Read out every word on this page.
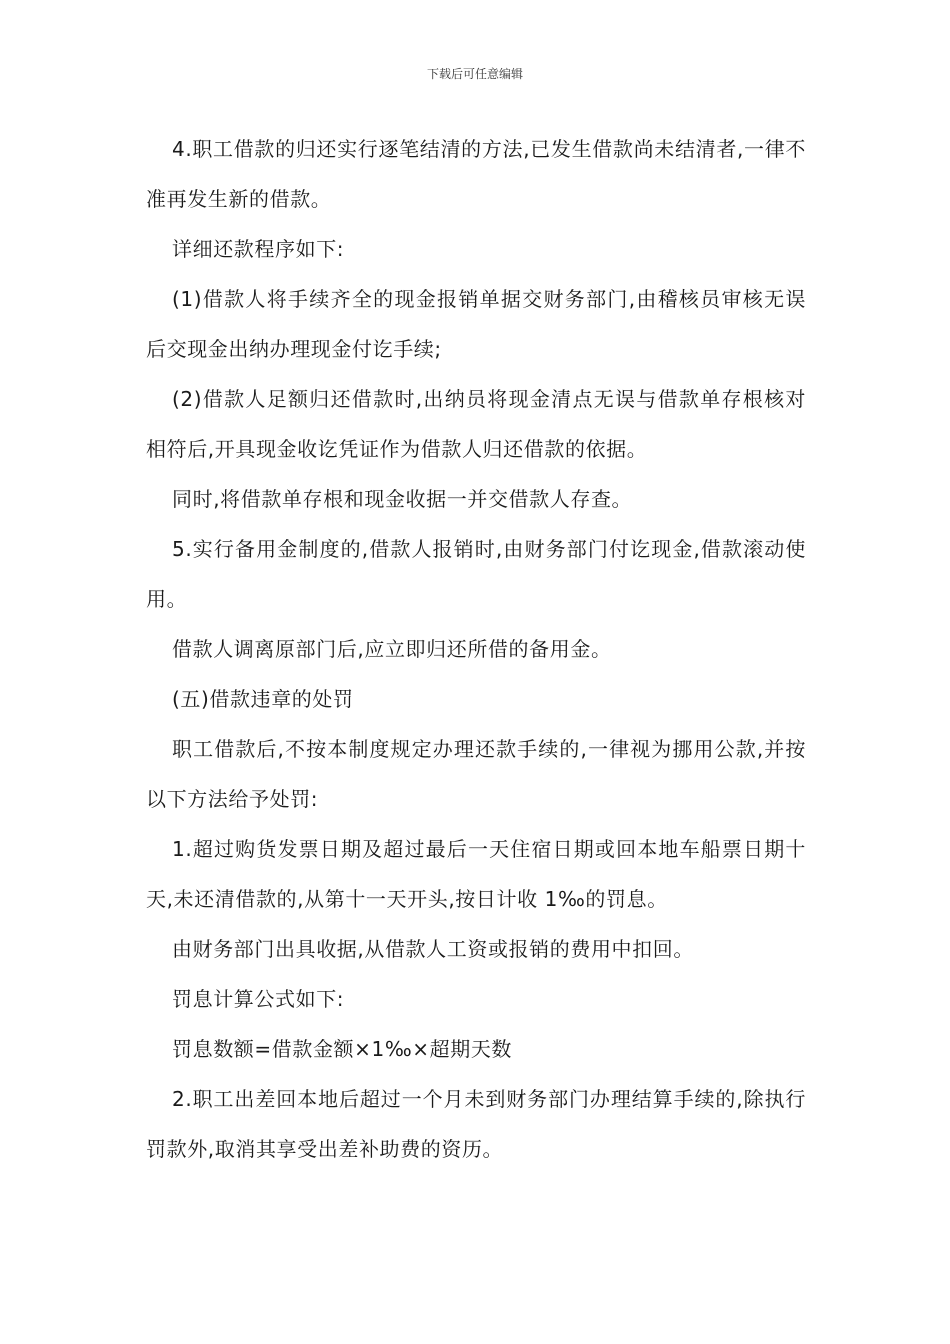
下载后可任意编辑

4.职工借款的归还实行逐笔结清的方法,已发生借款尚未结清者,一律不准再发生新的借款。

详细还款程序如下:

(1)借款人将手续齐全的现金报销单据交财务部门,由稽核员审核无误后交现金出纳办理现金付讫手续;

(2)借款人足额归还借款时,出纳员将现金清点无误与借款单存根核对相符后,开具现金收讫凭证作为借款人归还借款的依据。

同时,将借款单存根和现金收据一并交借款人存查。

5.实行备用金制度的,借款人报销时,由财务部门付讫现金,借款滚动使用。

借款人调离原部门后,应立即归还所借的备用金。

(五)借款违章的处罚

职工借款后,不按本制度规定办理还款手续的,一律视为挪用公款,并按以下方法给予处罚:

1.超过购货发票日期及超过最后一天住宿日期或回本地车船票日期十天,未还清借款的,从第十一天开头,按日计收 1‰的罚息。

由财务部门出具收据,从借款人工资或报销的费用中扣回。

罚息计算公式如下:

罚息数额=借款金额×1‰×超期天数

2.职工出差回本地后超过一个月未到财务部门办理结算手续的,除执行罚款外,取消其享受出差补助费的资历。
